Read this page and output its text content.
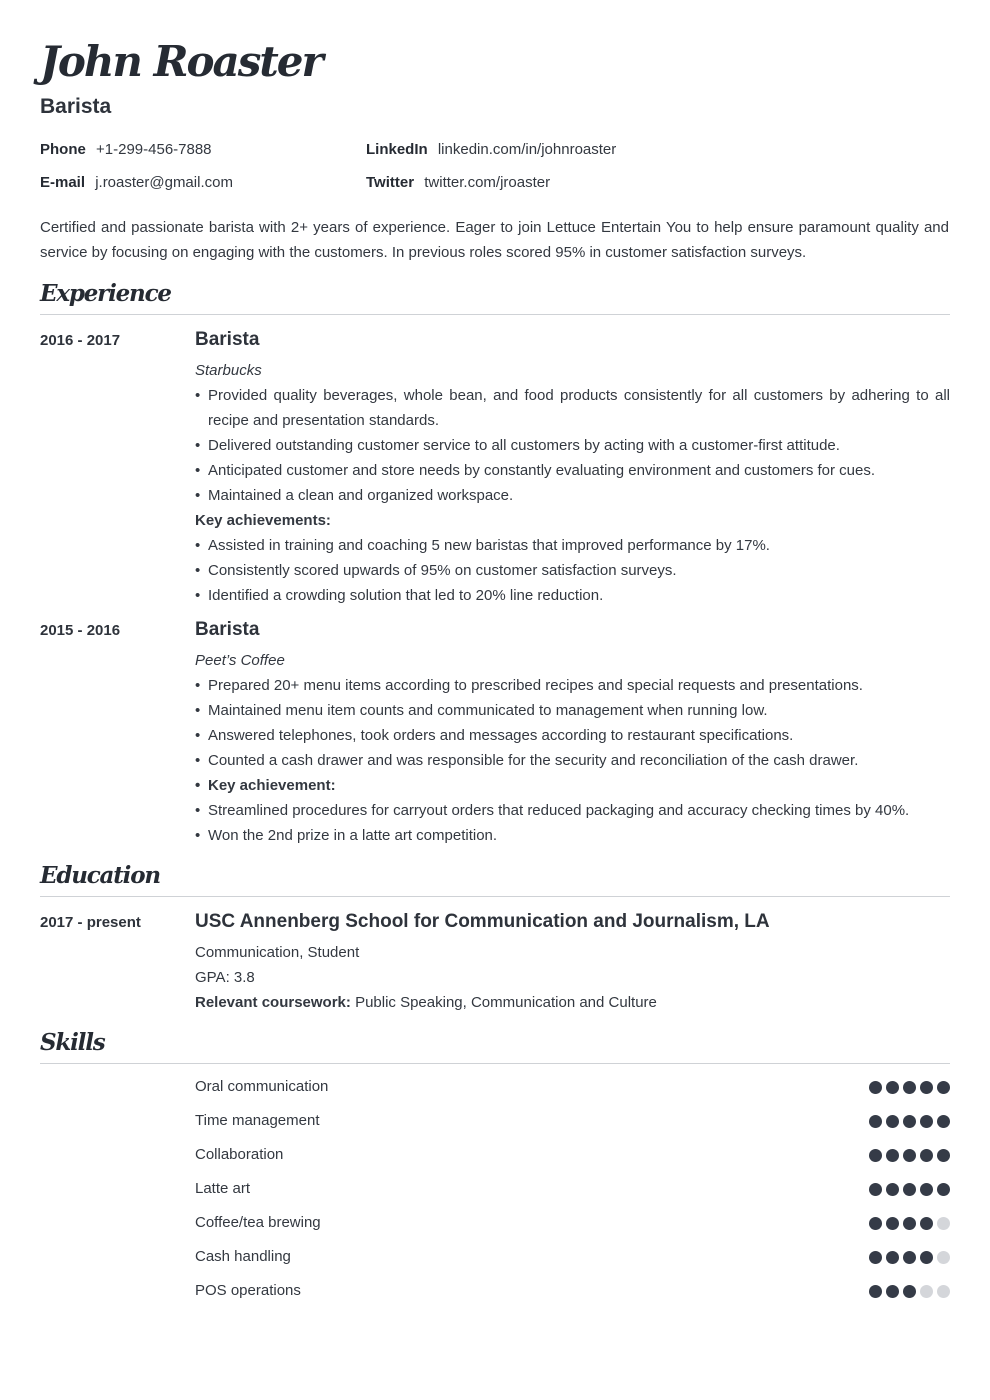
John Roaster
Barista
Phone +1-299-456-7888
E-mail j.roaster@gmail.com
LinkedIn linkedin.com/in/johnroaster
Twitter twitter.com/jroaster

Certified and passionate barista with 2+ years of experience. Eager to join Lettuce Entertain You to help ensure paramount quality and service by focusing on engaging with the customers. In previous roles scored 95% in customer satisfaction surveys.

Experience
2016 - 2017	Barista
Starbucks
• Provided quality beverages, whole bean, and food products consistently for all customers by adhering to all recipe and presentation standards.
• Delivered outstanding customer service to all customers by acting with a customer-first attitude.
• Anticipated customer and store needs by constantly evaluating environment and customers for cues.
• Maintained a clean and organized workspace.
Key achievements:
• Assisted in training and coaching 5 new baristas that improved performance by 17%.
• Consistently scored upwards of 95% on customer satisfaction surveys.
• Identified a crowding solution that led to 20% line reduction.
2015 - 2016	Barista
Peet’s Coffee
• Prepared 20+ menu items according to prescribed recipes and special requests and presentations.
• Maintained menu item counts and communicated to management when running low.
• Answered telephones, took orders and messages according to restaurant specifications.
• Counted a cash drawer and was responsible for the security and reconciliation of the cash drawer.
• Key achievement:
• Streamlined procedures for carryout orders that reduced packaging and accuracy checking times by 40%.
• Won the 2nd prize in a latte art competition.
Education
2017 - present	USC Annenberg School for Communication and Journalism, LA
Communication, Student
GPA: 3.8
Relevant coursework: Public Speaking, Communication and Culture
Skills
Oral communication
Time management
Collaboration
Latte art
Coffee/tea brewing
Cash handling
POS operations
